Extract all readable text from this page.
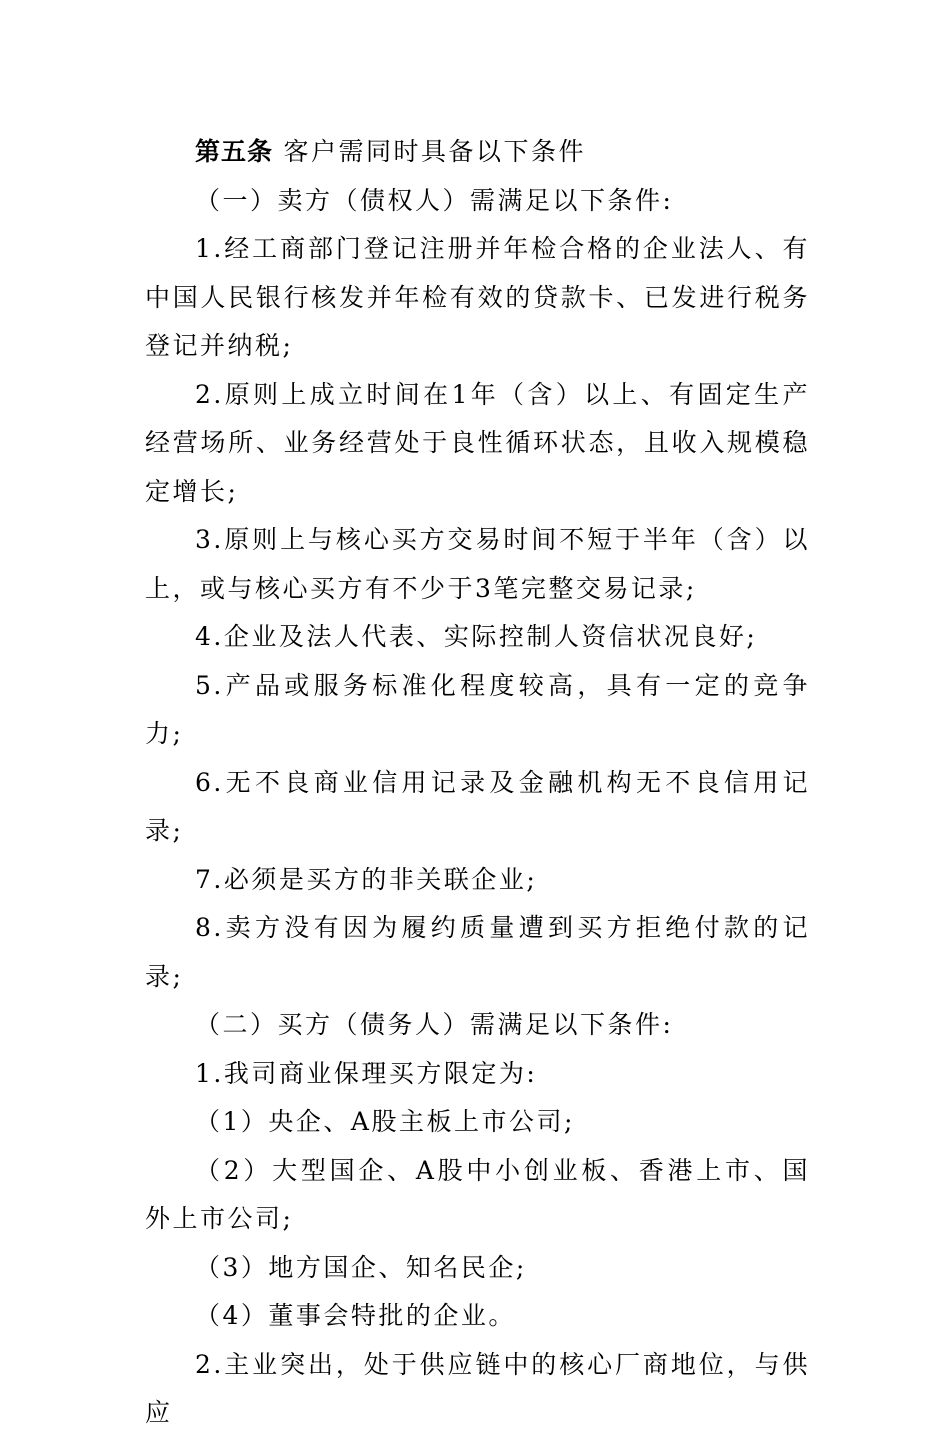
第五条 客户需同时具备以下条件

（一）卖方（债权人）需满足以下条件:

1.经工商部门登记注册并年检合格的企业法人、有中国人民银行核发并年检有效的贷款卡、已发进行税务登记并纳税;

2.原则上成立时间在1年（含）以上、有固定生产经营场所、业务经营处于良性循环状态，且收入规模稳定增长;

3.原则上与核心买方交易时间不短于半年（含）以上，或与核心买方有不少于3笔完整交易记录;

4.企业及法人代表、实际控制人资信状况良好;

5.产品或服务标准化程度较高，具有一定的竞争力;

6.无不良商业信用记录及金融机构无不良信用记录;

7.必须是买方的非关联企业;

8.卖方没有因为履约质量遭到买方拒绝付款的记录;

（二）买方（债务人）需满足以下条件:

1.我司商业保理买方限定为:

（1）央企、A股主板上市公司;

（2）大型国企、A股中小创业板、香港上市、国外上市公司;

（3）地方国企、知名民企;

（4）董事会特批的企业。

2.主业突出，处于供应链中的核心厂商地位，与供应
